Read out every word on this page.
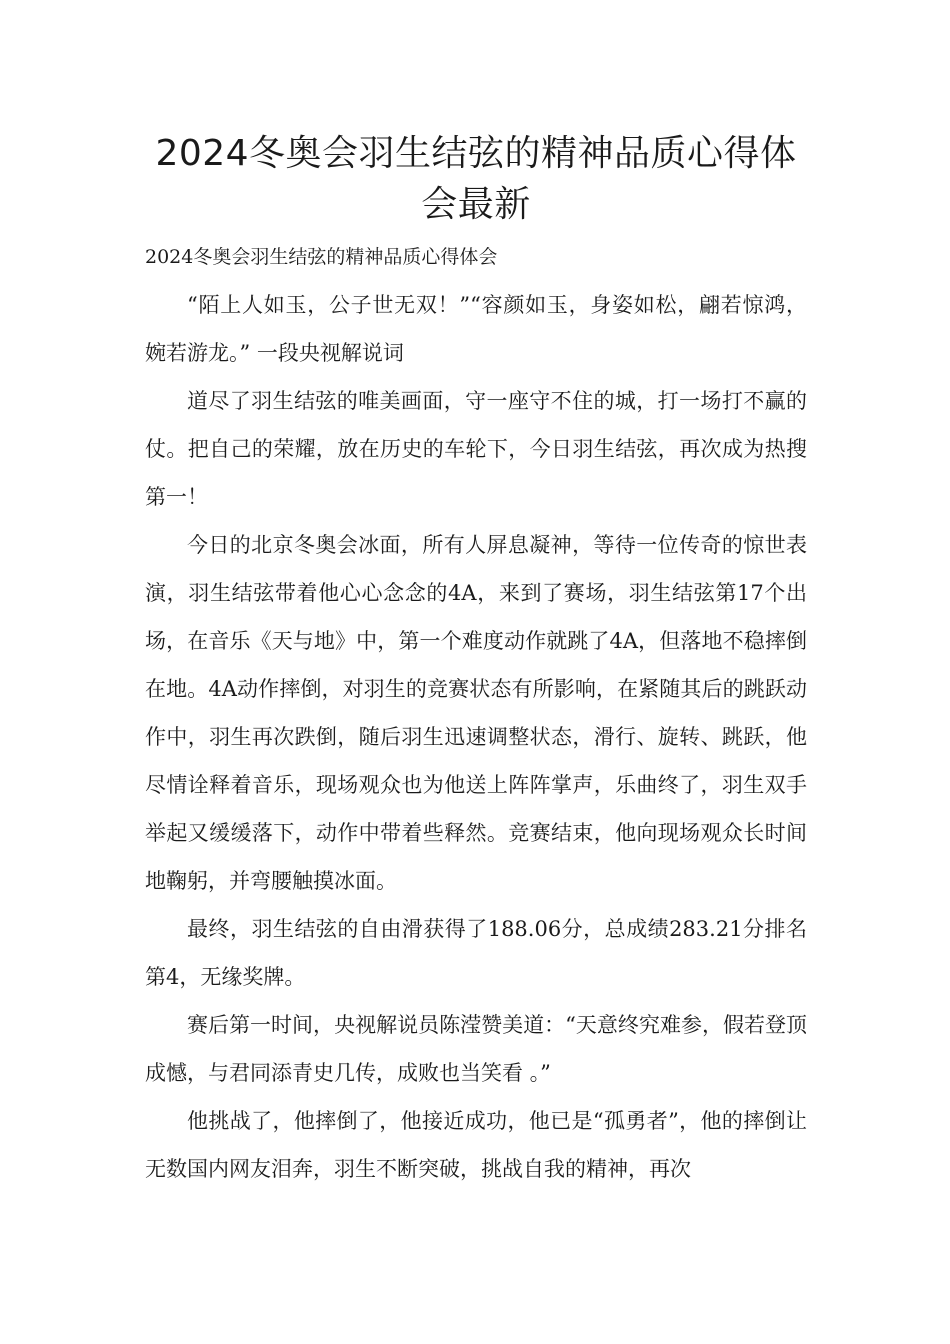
2024冬奥会羽生结弦的精神品质心得体会最新

2024冬奥会羽生结弦的精神品质心得体会

“陌上人如玉，公子世无双！”“容颜如玉，身姿如松，翩若惊鸿，婉若游龙。” 一段央视解说词

道尽了羽生结弦的唯美画面，守一座守不住的城，打一场打不赢的仗。把自己的荣耀，放在历史的车轮下，今日羽生结弦，再次成为热搜第一！

今日的北京冬奥会冰面，所有人屏息凝神，等待一位传奇的惊世表演，羽生结弦带着他心心念念的4A，来到了赛场，羽生结弦第17个出场，在音乐《天与地》中，第一个难度动作就跳了4A，但落地不稳摔倒在地。4A动作摔倒，对羽生的竞赛状态有所影响，在紧随其后的跳跃动作中，羽生再次跌倒，随后羽生迅速调整状态，滑行、旋转、跳跃，他尽情诠释着音乐，现场观众也为他送上阵阵掌声，乐曲终了，羽生双手举起又缓缓落下，动作中带着些释然。竞赛结束，他向现场观众长时间地鞠躬，并弯腰触摸冰面。

最终，羽生结弦的自由滑获得了188.06分，总成绩283.21分排名第4，无缘奖牌。

赛后第一时间，央视解说员陈滢赞美道：“天意终究难参，假若登顶成憾，与君同添青史几传，成败也当笑看 。”

他挑战了，他摔倒了，他接近成功，他已是“孤勇者”，他的摔倒让无数国内网友泪奔，羽生不断突破，挑战自我的精神，再次
